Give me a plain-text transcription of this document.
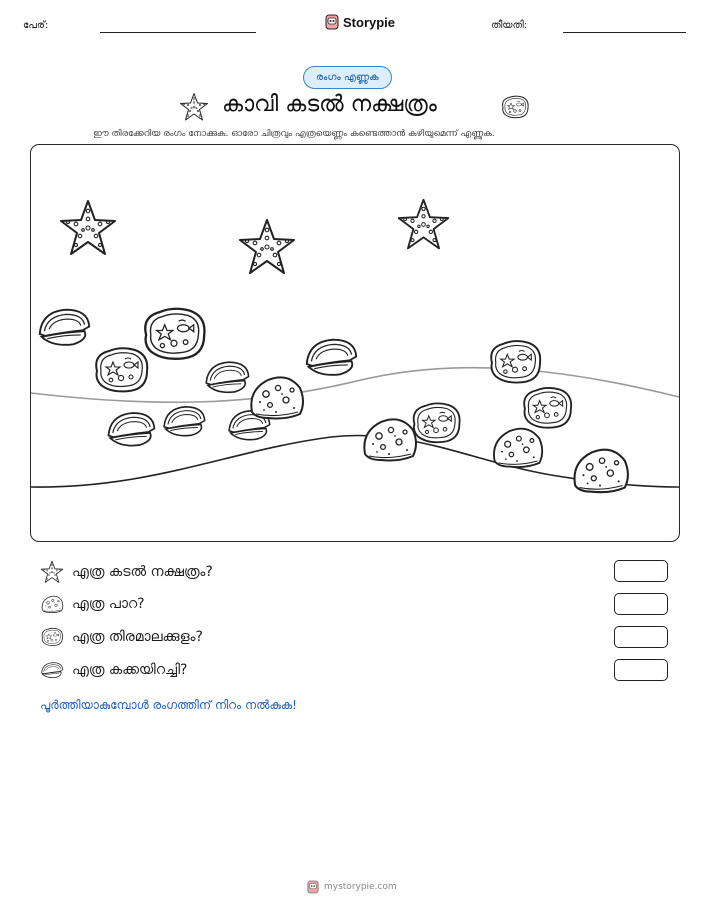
പേര്:	Storypie	തീയതി:
രംഗം എണ്ണുക
കാവി കടൽ നക്ഷത്രം
ഈ തിരക്കേറിയ രംഗം നോക്കുക. ഓരോ ചിത്രവും എത്രയെണ്ണം കണ്ടെത്താൻ കഴിയുമെന്ന് എണ്ണുക.
എത്ര കടൽ നക്ഷത്രം?
എത്ര പാറ?
എത്ര തിരമാലക്കുളം?
എത്ര കക്കയിറച്ചി?
പൂർത്തിയാകുമ്പോൾ രംഗത്തിന് നിറം നൽകുക!
mystorypie.com
